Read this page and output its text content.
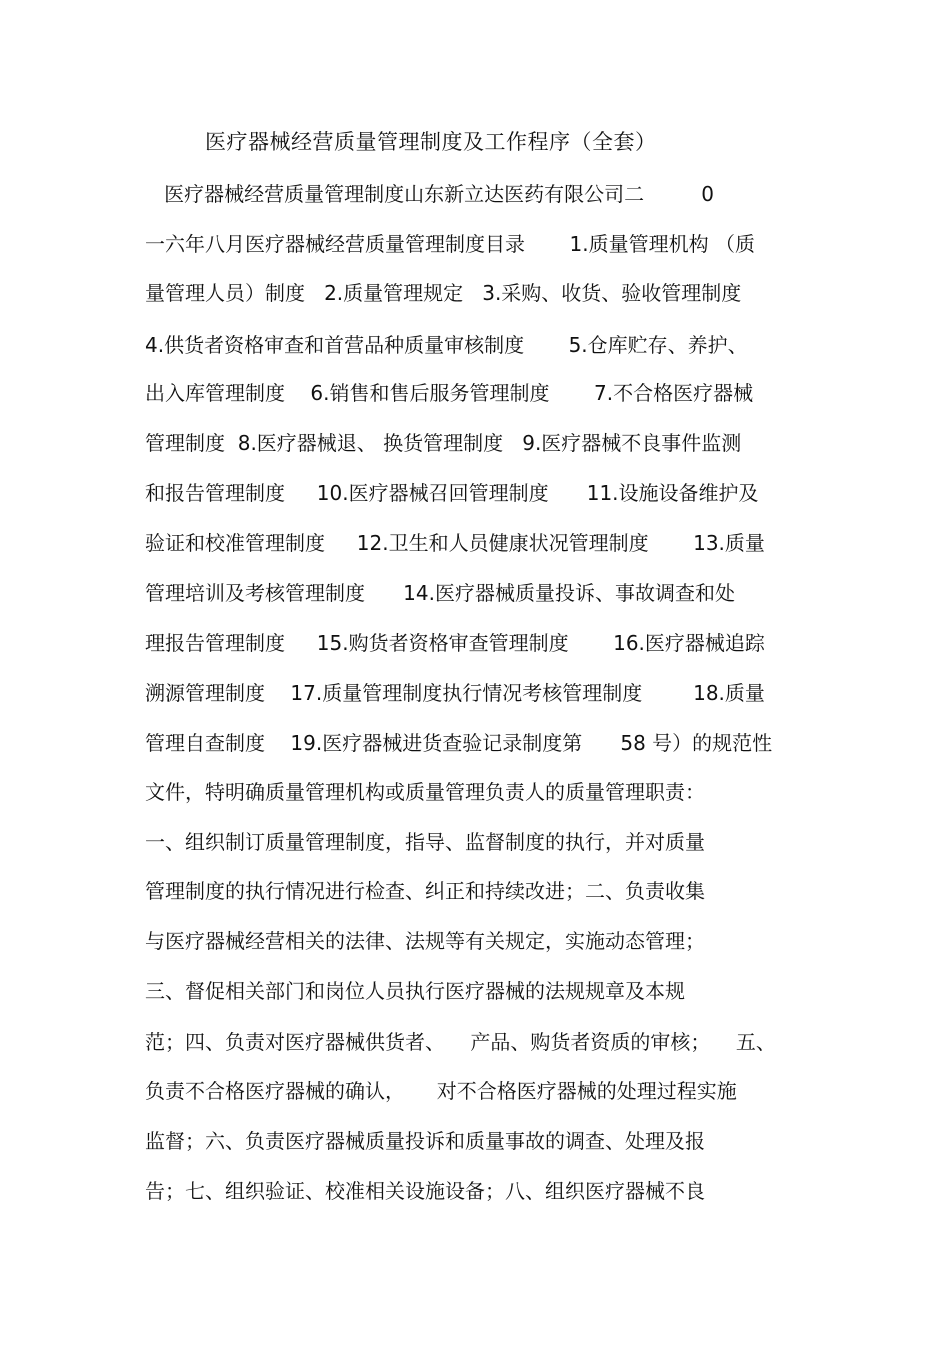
医疗器械经营质量管理制度及工作程序（全套）
医疗器械经营质量管理制度山东新立达医药有限公司二         0
一六年八月医疗器械经营质量管理制度目录       1.质量管理机构 （质
量管理人员）制度   2.质量管理规定   3.采购、收货、验收管理制度
4.供货者资格审查和首营品种质量审核制度       5.仓库贮存、养护、
出入库管理制度    6.销售和售后服务管理制度       7.不合格医疗器械
管理制度  8.医疗器械退、 换货管理制度   9.医疗器械不良事件监测
和报告管理制度     10.医疗器械召回管理制度      11.设施设备维护及
验证和校准管理制度     12.卫生和人员健康状况管理制度       13.质量
管理培训及考核管理制度      14.医疗器械质量投诉、事故调查和处
理报告管理制度     15.购货者资格审查管理制度       16.医疗器械追踪
溯源管理制度    17.质量管理制度执行情况考核管理制度        18.质量
管理自查制度    19.医疗器械进货查验记录制度第      58 号）的规范性
文件，特明确质量管理机构或质量管理负责人的质量管理职责：
一、组织制订质量管理制度，指导、监督制度的执行，并对质量
管理制度的执行情况进行检查、纠正和持续改进；二、负责收集
与医疗器械经营相关的法律、法规等有关规定，实施动态管理；
三、督促相关部门和岗位人员执行医疗器械的法规规章及本规
范；四、负责对医疗器械供货者、    产品、购货者资质的审核；    五、
负责不合格医疗器械的确认，     对不合格医疗器械的处理过程实施
监督；六、负责医疗器械质量投诉和质量事故的调查、处理及报
告；七、组织验证、校准相关设施设备；八、组织医疗器械不良
